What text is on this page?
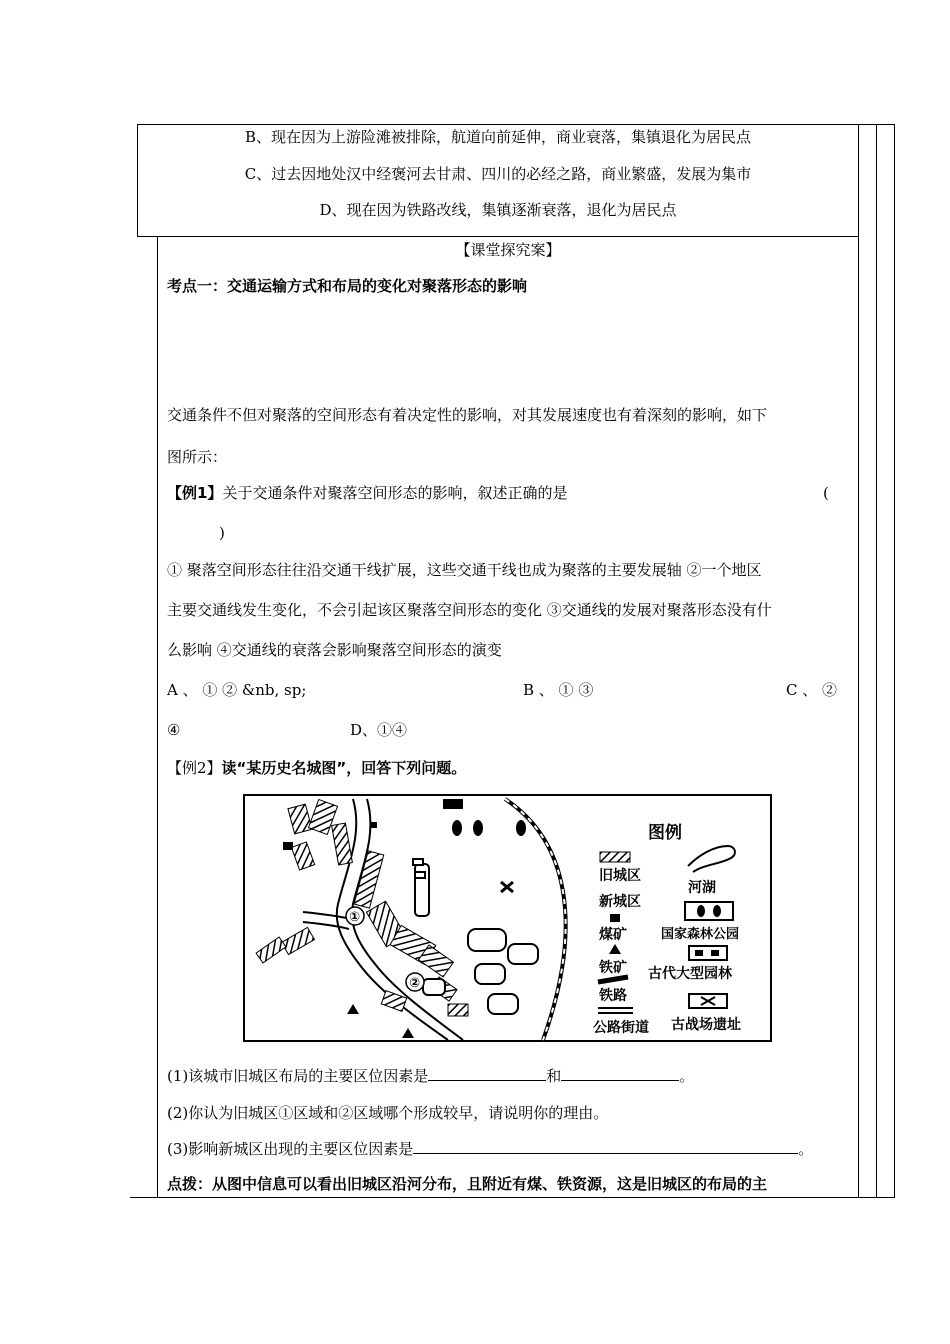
B、现在因为上游险滩被排除，航道向前延伸，商业衰落，集镇退化为居民点
C、过去因地处汉中经褒河去甘肃、四川的必经之路，商业繁盛，发展为集市
D、现在因为铁路改线，集镇逐渐衰落，退化为居民点
【课堂探究案】
考点一：交通运输方式和布局的变化对聚落形态的影响
交通条件不但对聚落的空间形态有着决定性的影响，对其发展速度也有着深刻的影响，如下
图所示：
【例1】关于交通条件对聚落空间形态的影响，叙述正确的是	(
)
① 聚落空间形态往往沿交通干线扩展，这些交通干线也成为聚落的主要发展轴 ②一个地区
主要交通线发生变化，不会引起该区聚落空间形态的变化 ③交通线的发展对聚落形态没有什
么影响 ④交通线的衰落会影响聚落空间形态的演变
A 、 ① ② &nb, sp;	B 、 ① ③	C 、 ②
④	D、①④
【例2】读“某历史名城图”，回答下列问题。
①
②
图例
旧城区
新城区
煤矿
铁矿
铁路
公路街道
河湖
国家森林公园
古代大型园林
古战场遗址
(1)该城市旧城区布局的主要区位因素是	和	。
(2)你认为旧城区①区域和②区域哪个形成较早，请说明你的理由。
(3)影响新城区出现的主要区位因素是	。
点拨：从图中信息可以看出旧城区沿河分布，且附近有煤、铁资源，这是旧城区的布局的主
